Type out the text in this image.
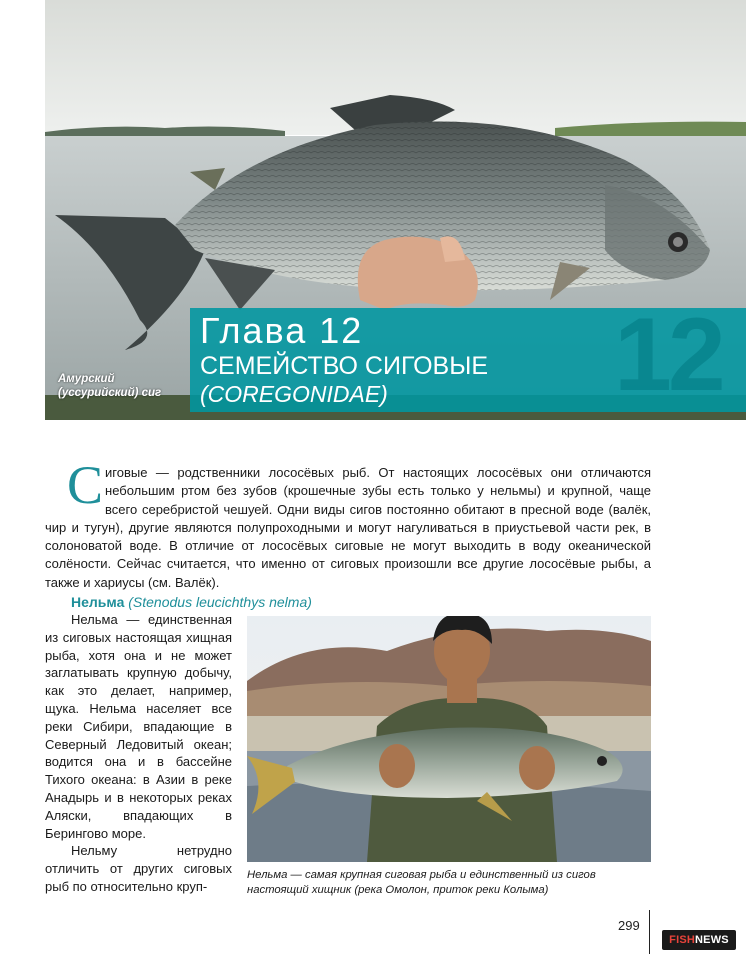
Амурский
(уссурийский) сиг	12
Глава 12
СЕМЕЙСТВО СИГОВЫЕ
(COREGONIDAE)
Сиговые — родственники лососёвых рыб. От настоящих лососёвых они отличаются небольшим ртом без зубов (крошечные зубы есть только у нельмы) и крупной, чаще всего серебристой чешуей. Одни виды сигов постоянно обитают в пресной воде (валёк, чир и тугун), другие являются полупроходными и могут нагуливаться в приустьевой части рек, в солоноватой воде. В отличие от лососёвых сиговые не могут выходить в воду океанической солёности. Сейчас считается, что именно от сиговых произошли все другие лососёвые рыбы, а также и хариусы (см. Валёк).
Нельма (Stenodus leucichthys nelma)

Нельма — единственная из сиговых настоящая хищная рыба, хотя она и не может заглатывать крупную добычу, как это делает, например, щука. Нельма населяет все реки Сибири, впадающие в Северный Ледовитый океан; водится она и в бассейне Тихого океана: в Азии в реке Анадырь и в некоторых реках Аляски, впадающих в Берингово море.

Нельму нетрудно отличить от других сиговых рыб по относительно круп-

Нельма — самая крупная сиговая рыба и единственный из сигов настоящий хищник (река Омолон, приток реки Колыма)
299
FISHNEWS
